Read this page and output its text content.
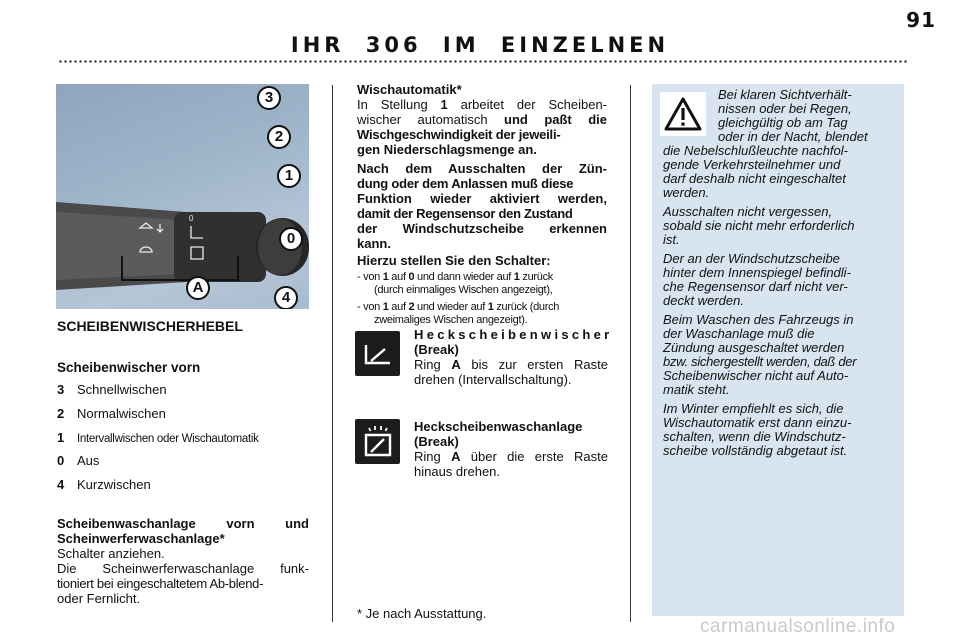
91
IHR 306 IM EINZELNEN
0
3
2
1
0
A
4
SCHEIBENWISCHERHEBEL
Scheibenwischer vorn
3 Schnellwischen
2 Normalwischen
1 Intervallwischen oder Wischautomatik
0 Aus
4 Kurzwischen
Scheibenwaschanlage vorn und
Scheinwerferwaschanlage*
Schalter anziehen.
Die Scheinwerferwaschanlage funk-
tioniert bei eingeschaltetem Ab-blend-
oder Fernlicht.

Wischautomatik*

In Stellung 1 arbeitet der Scheiben-

wischer automatisch und paßt die

Wischgeschwindigkeit der jeweili-

gen Niederschlagsmenge an.

Nach dem Ausschalten der Zün-

dung oder dem Anlassen muß diese

Funktion wieder aktiviert werden,

damit der Regensensor den Zustand

der Windschutzscheibe erkennen

kann.

Hierzu stellen Sie den Schalter:

- von 1 auf 0 und dann wieder auf 1 zurück
(durch einmaliges Wischen angezeigt),
- von 1 auf 2 und wieder auf 1 zurück (durch
zweimaliges Wischen angezeigt).
Heckscheibenwischer
(Break)
Ring A bis zur ersten Raste
drehen (Intervallschaltung).
Heckscheibenwaschanlage
(Break)
Ring A über die erste Raste
hinaus drehen.
* Je nach Ausstattung.
Bei klaren Sichtverhält-
nissen oder bei Regen,
gleichgültig ob am Tag
oder in der Nacht, blendet

die Nebelschlußleuchte nachfol-
gende Verkehrsteilnehmer und
darf deshalb nicht eingeschaltet
werden.

Ausschalten nicht vergessen,
sobald sie nicht mehr erforderlich
ist.

Der an der Windschutzscheibe
hinter dem Innenspiegel befindli-
che Regensensor darf nicht ver-
deckt werden.

Beim Waschen des Fahrzeugs in
der Waschanlage muß die
Zündung ausgeschaltet werden
bzw. sichergestellt werden, daß der
Scheibenwischer nicht auf Auto-
matik steht.

Im Winter empfiehlt es sich, die
Wischautomatik erst dann einzu-
schalten, wenn die Windschutz-
scheibe vollständig abgetaut ist.

carmanualsonline.info
